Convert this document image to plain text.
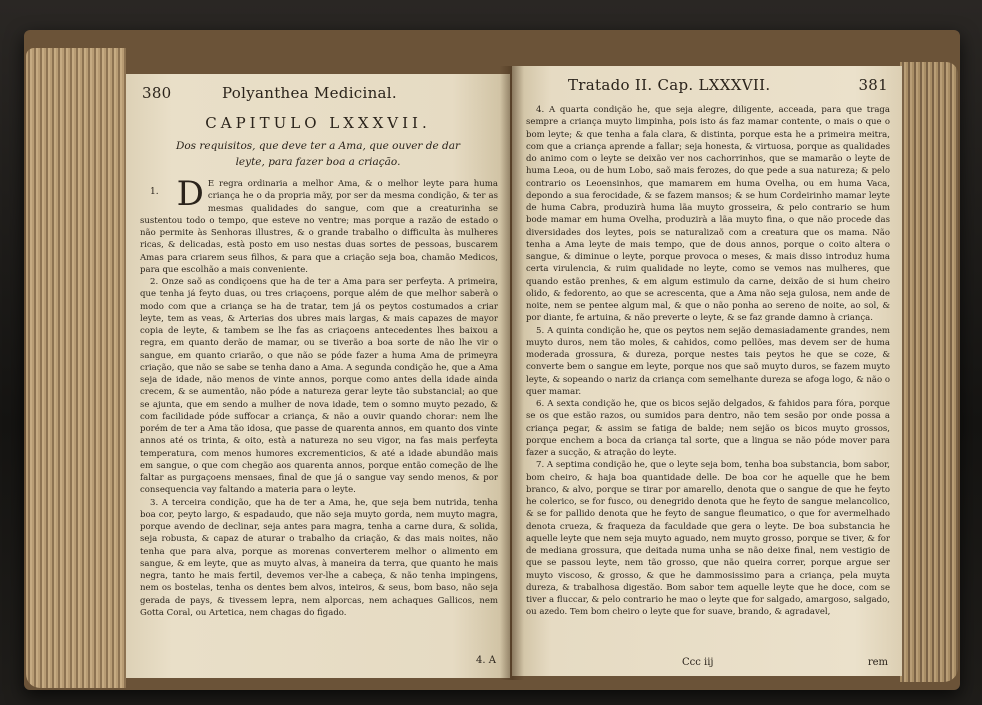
380	Polyanthea Medicinal.
CAPITULO LXXXVII.
Dos requisitos, que deve ter a Ama, que ouver de dar
leyte, para fazer boa a criação.

1. D E regra ordinaria a melhor Ama, & o melhor leyte para huma criança he o da propria mãy, por ser da mesma condição, & ter as mesmas qualidades do sangue, com que a creaturinha se sustentou todo o tempo, que esteve no ventre; mas porque a razão de estado o não permite às Senhoras illustres, & o grande trabalho o difficulta às mulheres ricas, & delicadas, està posto em uso nestas duas sortes de pessoas, buscarem Amas para criarem seus filhos, & para que a criação seja boa, chamão Medicos, para que escolhão a mais conveniente.

2. Onze saõ as condiçoens que ha de ter a Ama para ser perfeyta. A primeira, que tenha já feyto duas, ou tres criaçoens, porque além de que melhor saberà o modo com que a criança se ha de tratar, tem já os peytos costumados a criar leyte, tem as veas, & Arterias dos ubres mais largas, & mais capazes de mayor copia de leyte, & tambem se lhe fas as criaçoens antecedentes lhes baixou a regra, em quanto derão de mamar, ou se tiverão a boa sorte de não lhe vir o sangue, em quanto criarão, o que não se póde fazer a huma Ama de primeyra criação, que não se sabe se tenha dano a Ama. A segunda condição he, que a Ama seja de idade, não menos de vinte annos, porque como antes della idade ainda crecem, & se aumentão, não póde a natureza gerar leyte tão substancial; ao que se ajunta, que em sendo a mulher de nova idade, tem o somno muyto pezado, & com facilidade póde suffocar a criança, & não a ouvir quando chorar: nem lhe porém de ter a Ama tão idosa, que passe de quarenta annos, em quanto dos vinte annos até os trinta, & oito, està a natureza no seu vigor, na fas mais perfeyta temperatura, com menos humores excrementicios, & até a idade abundão mais em sangue, o que com chegão aos quarenta annos, porque então começão de lhe faltar as purgaçoens mensaes, final de que já o sangue vay sendo menos, & por consequencia vay faltando a materia para o leyte.

3. A terceira condição, que ha de ter a Ama, he, que seja bem nutrida, tenha boa cor, peyto largo, & espadaudo, que não seja muyto gorda, nem muyto magra, porque avendo de declinar, seja antes para magra, tenha a carne dura, & solida, seja robusta, & capaz de aturar o trabalho da criação, & das mais noites, não tenha que para alva, porque as morenas converterem melhor o alimento em sangue, & em leyte, que as muyto alvas, à maneira da terra, que quanto he mais negra, tanto he mais fertil, devemos ver-lhe a cabeça, & não tenha impingens, nem os bostelas, tenha os dentes bem alvos, inteiros, & seus, bom baso, não seja gerada de pays, & tivessem lepra, nem alporcas, nem achaques Gallicos, nem Gotta Coral, ou Artetica, nem chagas do figado.

4. A
Tratado II. Cap. LXXXVII.	381

4. A quarta condição he, que seja alegre, diligente, acceada, para que traga sempre a criança muyto limpinha, pois isto ás faz mamar contente, o mais o que o bom leyte; & que tenha a fala clara, & distinta, porque esta he a primeira meitra, com que a criança aprende a fallar; seja honesta, & virtuosa, porque as qualidades do animo com o leyte se deixão ver nos cachorrinhos, que se mamarão o leyte de huma Leoa, ou de hum Lobo, saõ mais ferozes, do que pede a sua natureza; & pelo contrario os Leoensinhos, que mamarem em huma Ovelha, ou em huma Vaca, depondo a sua ferocidade, & se fazem mansos; & se hum Cordeirinho mamar leyte de huma Cabra, produzirà huma lãa muyto grosseira, & pelo contrario se hum bode mamar em huma Ovelha, produzirà a lãa muyto fina, o que não procede das diversidades dos leytes, pois se naturalizaõ com a creatura que os mama. Não tenha a Ama leyte de mais tempo, que de dous annos, porque o coito altera o sangue, & diminue o leyte, porque provoca o meses, & mais disso introduz huma certa virulencia, & ruim qualidade no leyte, como se vemos nas mulheres, que quando estão prenhes, & em algum estimulo da carne, deixão de si hum cheiro olido, & fedorento, ao que se acrescenta, que a Ama não seja gulosa, nem ande de noite, nem se pentee algum mal, & que o não ponha ao sereno de noite, ao sol, & por diante, fe artuina, & não preverte o leyte, & se faz grande damno à criança.

5. A quinta condição he, que os peytos nem sejão demasiadamente grandes, nem muyto duros, nem tão moles, & cahidos, como pellões, mas devem ser de huma moderada grossura, & dureza, porque nestes tais peytos he que se coze, & converte bem o sangue em leyte, porque nos que saõ muyto duros, se fazem muyto leyte, & sopeando o nariz da criança com semelhante dureza se afoga logo, & não o quer mamar.

6. A sexta condição he, que os bicos sejão delgados, & fahidos para fóra, porque se os que estão razos, ou sumidos para dentro, não tem sesão por onde possa a criança pegar, & assim se fatiga de balde; nem sejão os bicos muyto grossos, porque enchem a boca da criança tal sorte, que a lingua se não póde mover para fazer a sucção, & atração do leyte.

7. A septima condição he, que o leyte seja bom, tenha boa substancia, bom sabor, bom cheiro, & haja boa quantidade delle. De boa cor he aquelle que he bem branco, & alvo, porque se tirar por amarello, denota que o sangue de que he feyto he colerico, se for fusco, ou denegrido denota que he feyto de sangue melancolico, & se for pallido denota que he feyto de sangue fleumatico, o que for avermelhado denota crueza, & fraqueza da faculdade que gera o leyte. De boa substancia he aquelle leyte que nem seja muyto aguado, nem muyto grosso, porque se tiver, & for de mediana grossura, que deitada numa unha se não deixe final, nem vestigio de que se passou leyte, nem tão grosso, que não queira correr, porque argue ser muyto viscoso, & grosso, & que he dammosissimo para a criança, pela muyta dureza, & trabalhosa digestão. Bom sabor tem aquelle leyte que he doce, com se tiver a fluccar, & pelo contrario he mao o leyte que for salgado, amargoso, salgado, ou azedo. Tem bom cheiro o leyte que for suave, brando, & agradavel,

Ccc iij	rem
